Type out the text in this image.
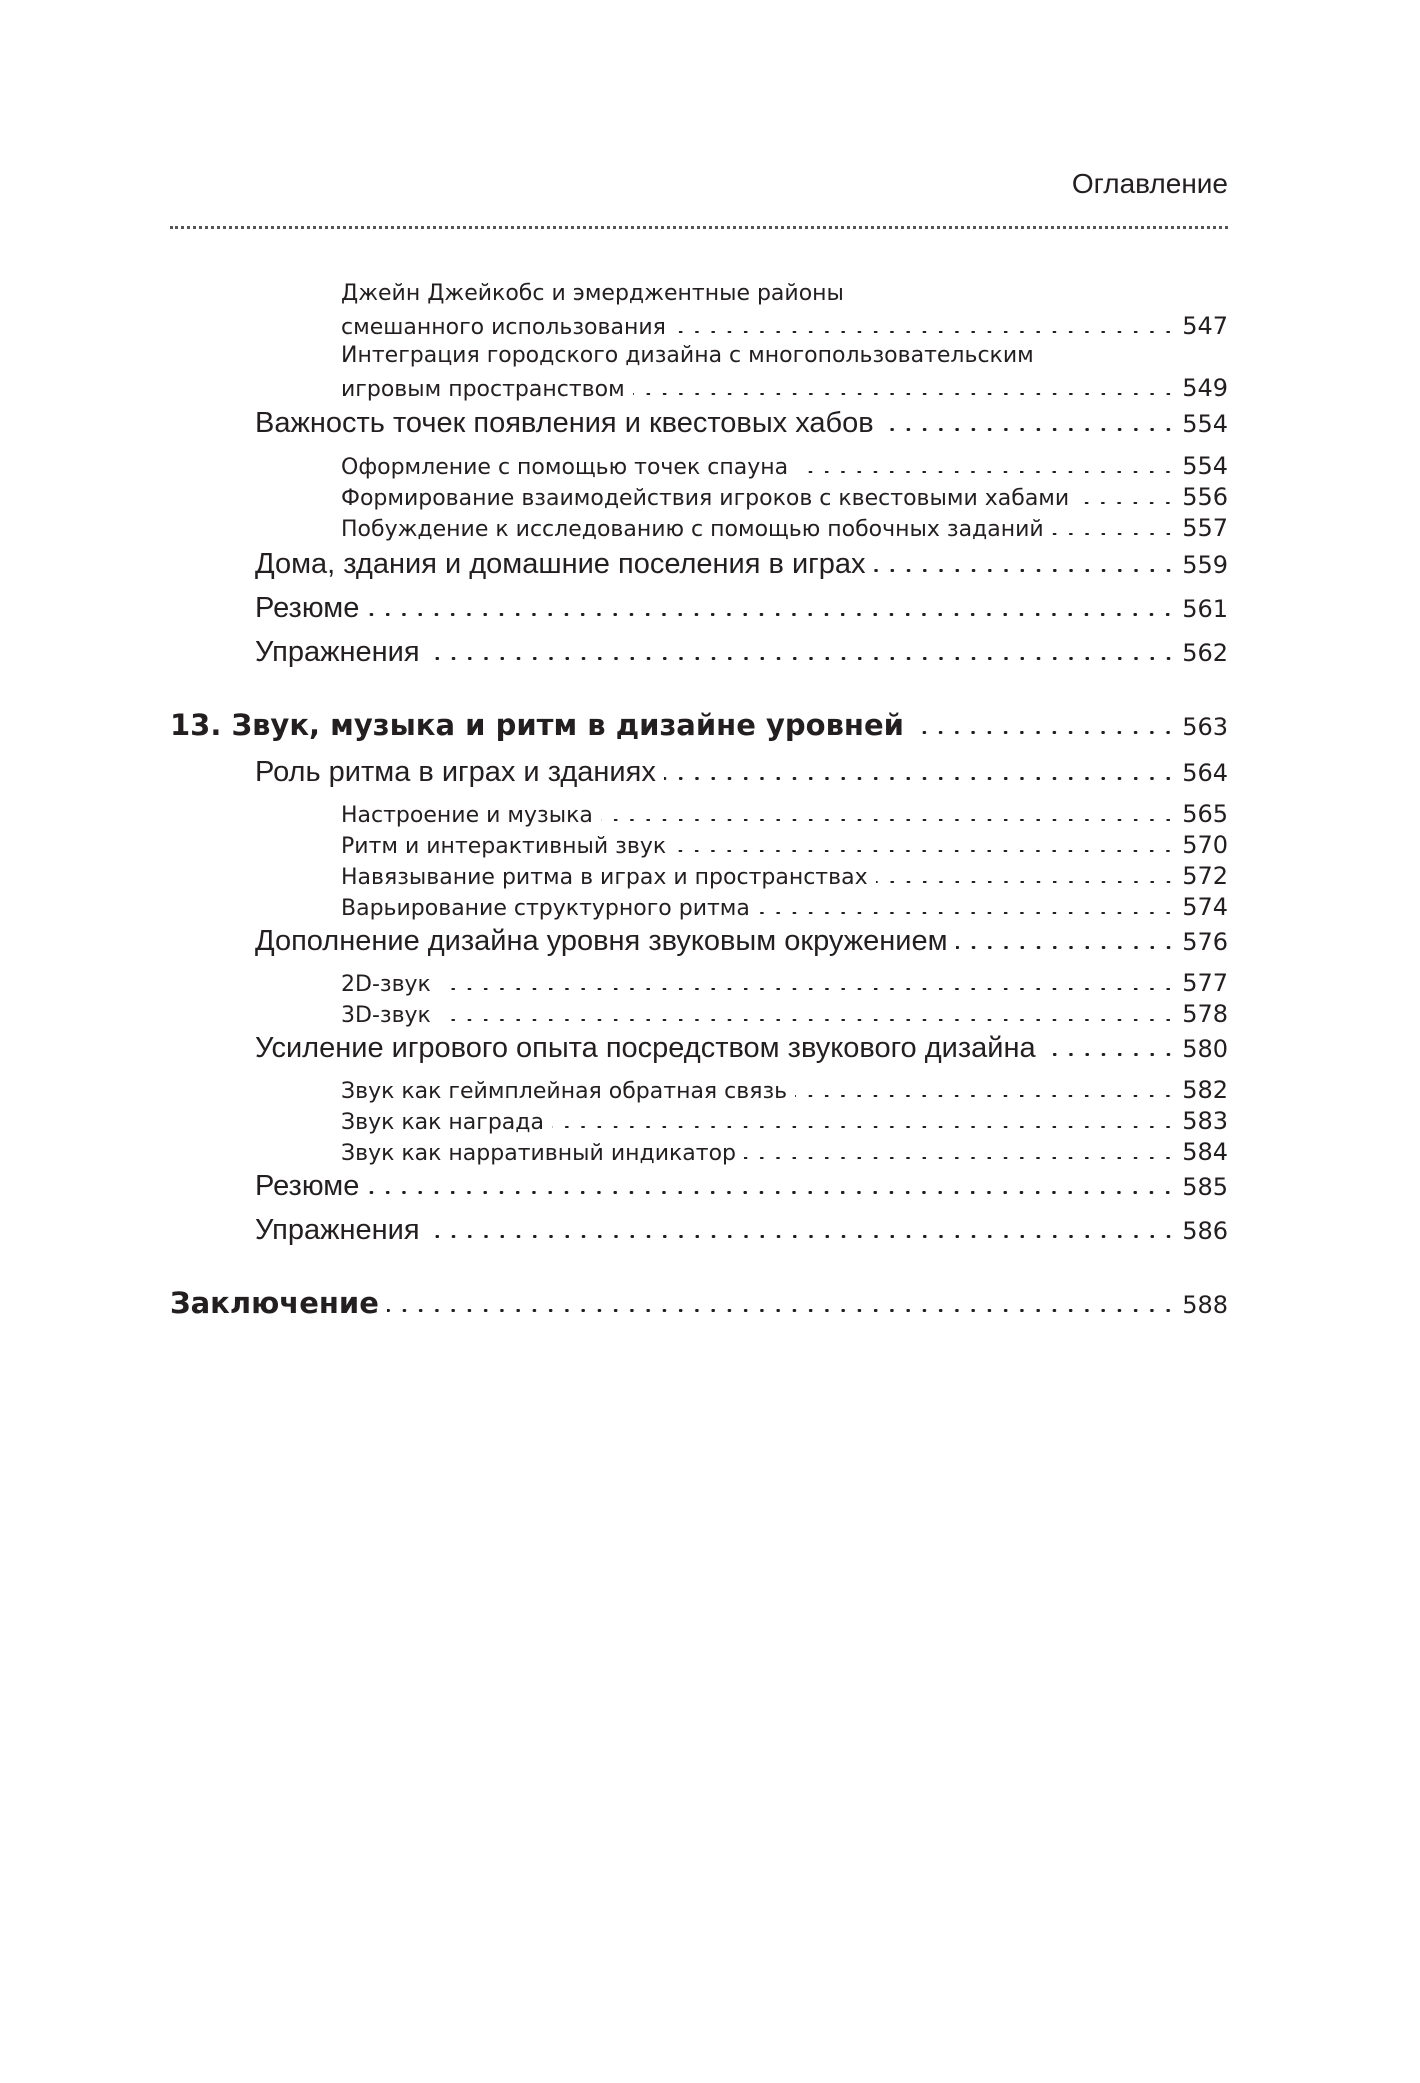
Оглавление
Джейн Джейкобс и эмерджентные районы
смешанного использования	547
Интеграция городского дизайна с многопользовательским
игровым пространством	549
Важность точек появления и квестовых хабов	554
Оформление с помощью точек спауна	554
Формирование взаимодействия игроков с квестовыми хабами	556
Побуждение к исследованию с помощью побочных заданий	557
Дома, здания и домашние поселения в играх	559
Резюме	561
Упражнения	562
13. Звук, музыка и ритм в дизайне уровней	563
Роль ритма в играх и зданиях	564
Настроение и музыка	565
Ритм и интерактивный звук	570
Навязывание ритма в играх и пространствах	572
Варьирование структурного ритма	574
Дополнение дизайна уровня звуковым окружением	576
2D-звук	577
3D-звук	578
Усиление игрового опыта посредством звукового дизайна	580
Звук как геймплейная обратная связь	582
Звук как награда	583
Звук как нарративный индикатор	584
Резюме	585
Упражнения	586
Заключение	588
